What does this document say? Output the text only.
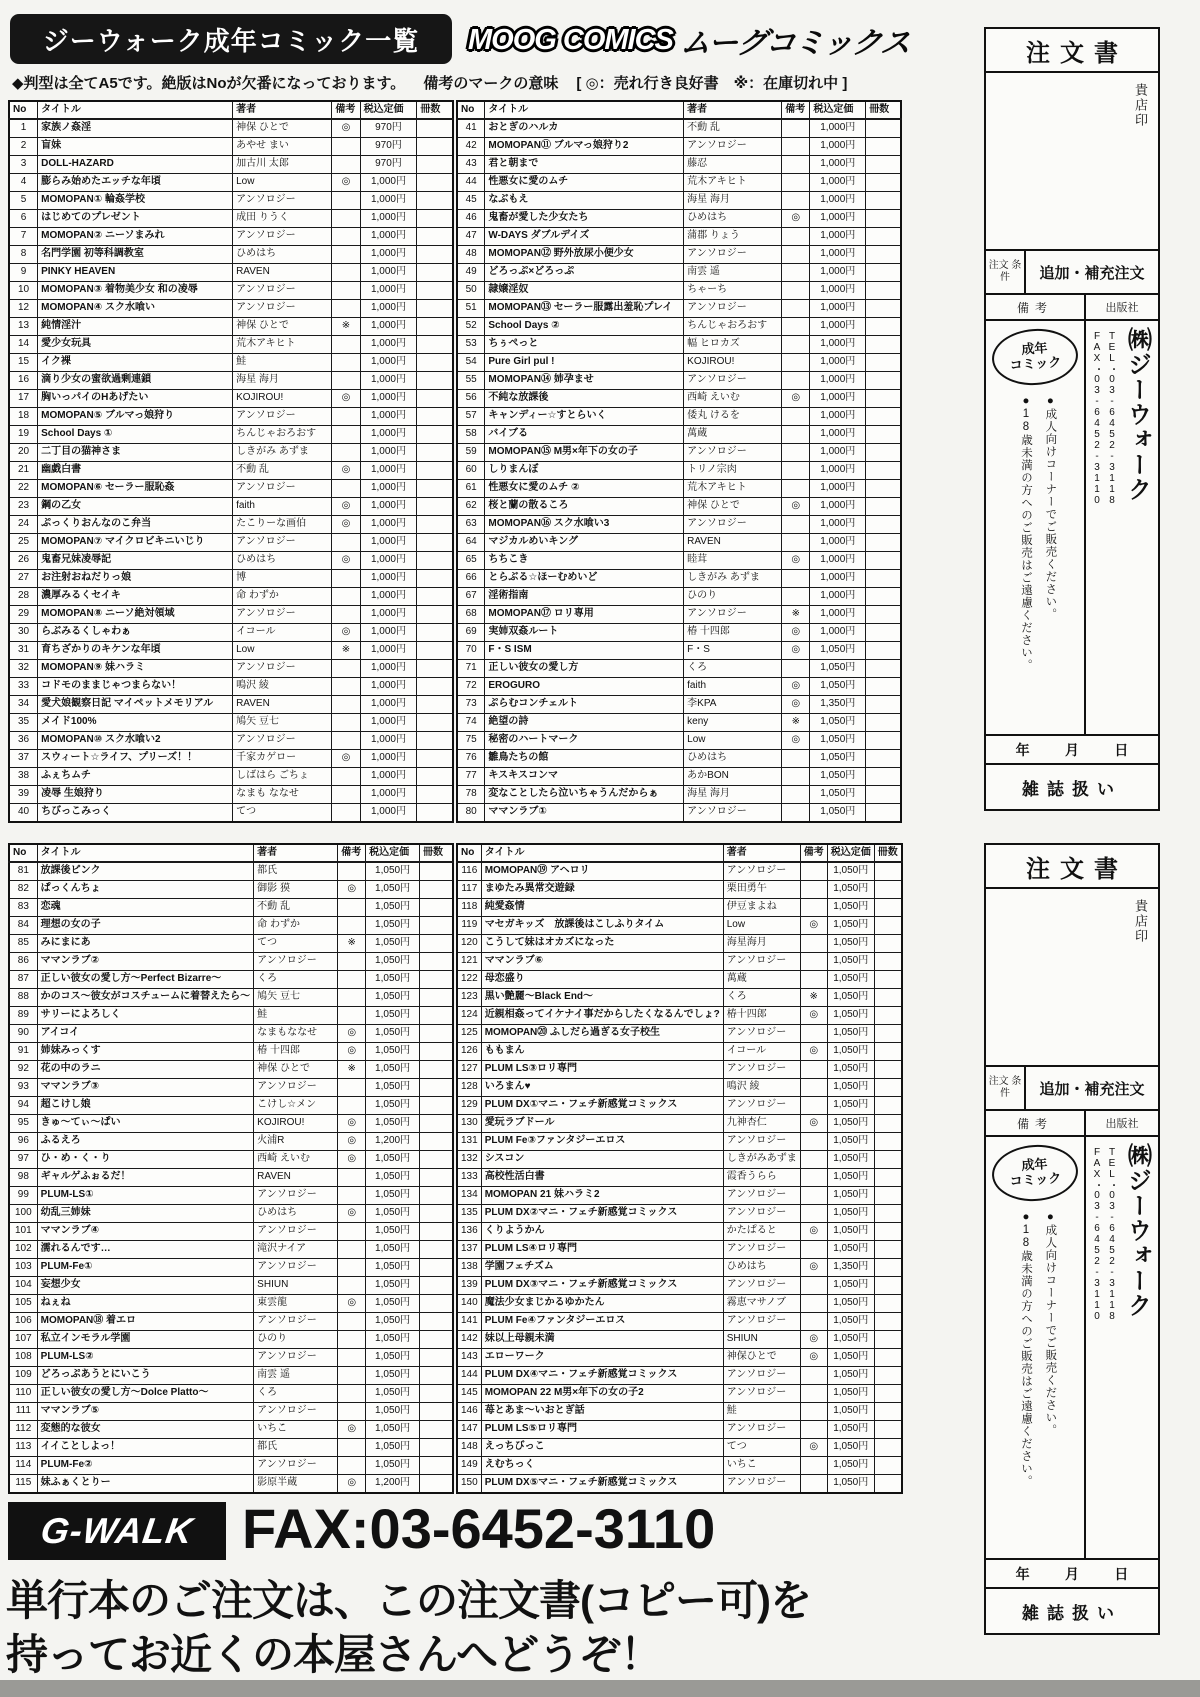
ジーウォーク成年コミック一覧 MOOG COMICS ムーグコミックス
◆判型は全てA5です。絶版はNoが欠番になっております。 備考のマークの意味 [ ◎：売れ行き良好書　※：在庫切れ中 ]
No	タイトル	著者	備考	税込定価	冊数
1	家族ノ姦淫	神保 ひとで	◎	970円	
2	盲妹	あやせ まい		970円	
3	DOLL-HAZARD	加古川 太郎		970円	
4	膨らみ始めたエッチな年頃	Low	◎	1,000円	
5	MOMOPAN① 輪姦学校	アンソロジー		1,000円	
6	はじめてのプレゼント	成田 りうく		1,000円	
7	MOMOPAN② ニーソまみれ	アンソロジー		1,000円	
8	名門学園 初等科調教室	ひめはち		1,000円	
9	PINKY HEAVEN	RAVEN		1,000円	
10	MOMOPAN③ 着物美少女 和の凌辱	アンソロジー		1,000円	
12	MOMOPAN④ スク水喰い	アンソロジー		1,000円	
13	純情淫汁	神保 ひとで	※	1,000円	
14	愛少女玩具	荒木アキヒト		1,000円	
15	イク裸	鮭		1,000円	
16	滴り少女の蜜欲過剰連鎖	海星 海月		1,000円	
17	胸いっパイのHあげたい	KOJIROU!	◎	1,000円	
18	MOMOPAN⑤ ブルマっ娘狩り	アンソロジー		1,000円	
19	School Days ①	ちんじゃおろおす		1,000円	
20	二丁目の猫神さま	しきがみ あずま		1,000円	
21	幽戯白書	不動 乱	◎	1,000円	
22	MOMOPAN⑥ セーラー服恥姦	アンソロジー		1,000円	
23	鋼の乙女	faith	◎	1,000円	
24	ぷっくりおんなのこ弁当	たこりーな画伯	◎	1,000円	
25	MOMOPAN⑦ マイクロビキニいじり	アンソロジー		1,000円	
26	鬼畜兄妹凌辱記	ひめはち	◎	1,000円	
27	お注射おねだりっ娘	博		1,000円	
28	濃厚みるくセイキ	命 わずか		1,000円	
29	MOMOPAN⑧ ニーソ絶対領域	アンソロジー		1,000円	
30	らぶみるくしゃわぁ	イコール	◎	1,000円	
31	育ちざかりのキケンな年頃	Low	※	1,000円	
32	MOMOPAN⑨ 妹ハラミ	アンソロジー		1,000円	
33	コドモのままじゃつまらない！	鳴沢 綾		1,000円	
34	愛犬娘観察日記 マイペットメモリアル	RAVEN		1,000円	
35	メイド100%	鳩矢 豆七		1,000円	
36	MOMOPAN⑩ スク水喰い2	アンソロジー		1,000円	
37	スウィート☆ライフ、プリーズ！！	千家カゲロー	◎	1,000円	
38	ふぇちムチ	しばはら ごちょ		1,000円	
39	凌辱 生娘狩り	なまも ななせ		1,000円	
40	ちびっこみっく	てつ		1,000円	
No	タイトル	著者	備考	税込定価	冊数
41	おとぎのハルカ	不動 乱		1,000円	
42	MOMOPAN⑪ ブルマっ娘狩り2	アンソロジー		1,000円	
43	君と朝まで	藤忍		1,000円	
44	性悪女に愛のムチ	荒木アキヒト		1,000円	
45	なぶもえ	海星 海月		1,000円	
46	鬼畜が愛した少女たち	ひめはち	◎	1,000円	
47	W-DAYS ダブルデイズ	蒲郡 りょう		1,000円	
48	MOMOPAN⑫ 野外放尿小便少女	アンソロジー		1,000円	
49	どろっぷ×どろっぷ	南雲 遥		1,000円	
50	隷嬢淫奴	ちゃーち		1,000円	
51	MOMOPAN⑬ セーラー服露出羞恥プレイ	アンソロジー		1,000円	
52	School Days ②	ちんじゃおろおす		1,000円	
53	ちぅぺっと	幅 ヒロカズ		1,000円	
54	Pure Girl pul !	KOJIROU!		1,000円	
55	MOMOPAN⑭ 姉孕ませ	アンソロジー		1,000円	
56	不純な放課後	西崎 えいむ	◎	1,000円	
57	キャンディー☆すとらいく	倭丸 けるを		1,000円	
58	バイブる	萬蔵		1,000円	
59	MOMOPAN⑮ M男×年下の女の子	アンソロジー		1,000円	
60	しりまんぼ	トリノ宗肉		1,000円	
61	性悪女に愛のムチ ②	荒木アキヒト		1,000円	
62	桜と蘭の散るころ	神保 ひとで	◎	1,000円	
63	MOMOPAN⑯ スク水喰い3	アンソロジー		1,000円	
64	マジカルめいキング	RAVEN		1,000円	
65	ちちこき	睦茸	◎	1,000円	
66	とらぶる☆ほーむめいど	しきがみ あずま		1,000円	
67	淫術指南	ひのり		1,000円	
68	MOMOPAN⑰ ロリ専用	アンソロジー	※	1,000円	
69	実姉双姦ルート	椿 十四郎	◎	1,000円	
70	F・S ISM	F・S	◎	1,050円	
71	正しい彼女の愛し方	くろ		1,050円	
72	EROGURO	faith	◎	1,050円	
73	ぷらむコンチェルト	李KPA	◎	1,350円	
74	絶望の詩	keny	※	1,050円	
75	秘密のハートマーク	Low	◎	1,050円	
76	雛鳥たちの館	ひめはち		1,050円	
77	キスキスコンマ	あかBON		1,050円	
78	変なことしたら泣いちゃうんだからぁ	海星 海月		1,050円	
80	ママンラブ①	アンソロジー		1,050円	
No	タイトル	著者	備考	税込定価	冊数
81	放課後ピンク	都氏		1,050円	
82	ぱっくんちょ	御影 獏	◎	1,050円	
83	恋魂	不動 乱		1,050円	
84	理想の女の子	命 わずか		1,050円	
85	みにまにあ	てつ	※	1,050円	
86	ママンラブ②	アンソロジー		1,050円	
87	正しい彼女の愛し方～Perfect Bizarre～	くろ		1,050円	
88	かのコス～彼女がコスチュームに着替えたら～	鳩矢 豆七		1,050円	
89	サリーによろしく	鮭		1,050円	
90	アイコイ	なまもななせ	◎	1,050円	
91	姉妹みっくす	椿 十四郎	◎	1,050円	
92	花の中のラニ	神保 ひとで	※	1,050円	
93	ママンラブ③	アンソロジー		1,050円	
94	超こけし娘	こけし☆メン		1,050円	
95	きゅ～てぃ～ぱい	KOJIROU!	◎	1,050円	
96	ふるえろ	火浦R	◎	1,200円	
97	ひ・め・く・り	西崎 えいむ	◎	1,050円	
98	ギャルゲふぉるだ！	RAVEN		1,050円	
99	PLUM-LS①	アンソロジー		1,050円	
100	幼乱三姉妹	ひめはち	◎	1,050円	
101	ママンラブ④	アンソロジー		1,050円	
102	濡れるんです…	滝沢ナイア		1,050円	
103	PLUM-Fe①	アンソロジー		1,050円	
104	妄想少女	SHIUN		1,050円	
105	ねぇね	東雲龍	◎	1,050円	
106	MOMOPAN⑱ 着エロ	アンソロジー		1,050円	
107	私立インモラル学園	ひのり		1,050円	
108	PLUM-LS②	アンソロジー		1,050円	
109	どろっぷあうとにいこう	南雲 遥		1,050円	
110	正しい彼女の愛し方～Dolce Platto～	くろ		1,050円	
111	ママンラブ⑤	アンソロジー		1,050円	
112	変態的な彼女	いちこ	◎	1,050円	
113	イイことしよっ！	都氏		1,050円	
114	PLUM-Fe②	アンソロジー		1,050円	
115	妹ふぁくとりー	影原半蔵	◎	1,200円	
No	タイトル	著者	備考	税込定価	冊数
116	MOMOPAN⑲ アヘロリ	アンソロジー		1,050円	
117	まゆたみ異常交遊録	栗田勇午		1,050円	
118	純愛姦情	伊豆まよね		1,050円	
119	マセガキッズ　放課後はこしふりタイム	Low	◎	1,050円	
120	こうして妹はオカズになった	海星海月		1,050円	
121	ママンラブ⑥	アンソロジー		1,050円	
122	母恋盛り	萬蔵		1,050円	
123	黒い艶麗～Black End～	くろ	※	1,050円	
124	近親相姦ってイケナイ事だからしたくなるんでしょ?	椿十四郎	◎	1,050円	
125	MOMOPAN⑳ ふしだら過ぎる女子校生	アンソロジー		1,050円	
126	ももまん	イコール	◎	1,050円	
127	PLUM LS③ロリ専門	アンソロジー		1,050円	
128	いろまん♥	鳴沢 綾		1,050円	
129	PLUM DX①マニ・フェチ新感覚コミックス	アンソロジー		1,050円	
130	愛玩ラブドール	九神杏仁	◎	1,050円	
131	PLUM Fe③ファンタジーエロス	アンソロジー		1,050円	
132	シスコン	しきがみあずま		1,050円	
133	高校性活白書	霞香うらら		1,050円	
134	MOMOPAN 21 妹ハラミ2	アンソロジー		1,050円	
135	PLUM DX②マニ・フェチ新感覚コミックス	アンソロジー		1,050円	
136	くりようかん	かたぱると	◎	1,050円	
137	PLUM LS④ロリ専門	アンソロジー		1,050円	
138	学園フェチズム	ひめはち	◎	1,350円	
139	PLUM DX③マニ・フェチ新感覚コミックス	アンソロジー		1,050円	
140	魔法少女まじかるゆかたん	霧恵マサノブ		1,050円	
141	PLUM Fe④ファンタジーエロス	アンソロジー		1,050円	
142	妹以上母親未満	SHIUN	◎	1,050円	
143	エローワーク	神保ひとで	◎	1,050円	
144	PLUM DX④マニ・フェチ新感覚コミックス	アンソロジー		1,050円	
145	MOMOPAN 22 M男×年下の女の子2	アンソロジー		1,050円	
146	苺とあま～いおとぎ話	鮭		1,050円	
147	PLUM LS⑤ロリ専門	アンソロジー		1,050円	
148	えっちびっこ	てつ	◎	1,050円	
149	えむちっく	いちこ		1,050円	
150	PLUM DX⑤マニ・フェチ新感覚コミックス	アンソロジー		1,050円	
注文書
貴店印
注文 条件	追加・補充注文
備考	出版社
成年
コミック
●成人向けコーナーでご販売ください。
●18歳未満の方へのご販売はご遠慮ください。	㈱ジーウォーク
TEL・03-6452-3118
FAX・03-6452-3110
年	月	日
雑誌扱い
注文書
貴店印
注文 条件	追加・補充注文
備考	出版社
成年
コミック
●成人向けコーナーでご販売ください。
●18歳未満の方へのご販売はご遠慮ください。	㈱ジーウォーク
TEL・03-6452-3118
FAX・03-6452-3110
年	月	日
雑誌扱い
G-WALK FAX:03-6452-3110
単行本のご注文は、この注文書(コピー可)を
持ってお近くの本屋さんへどうぞ！
